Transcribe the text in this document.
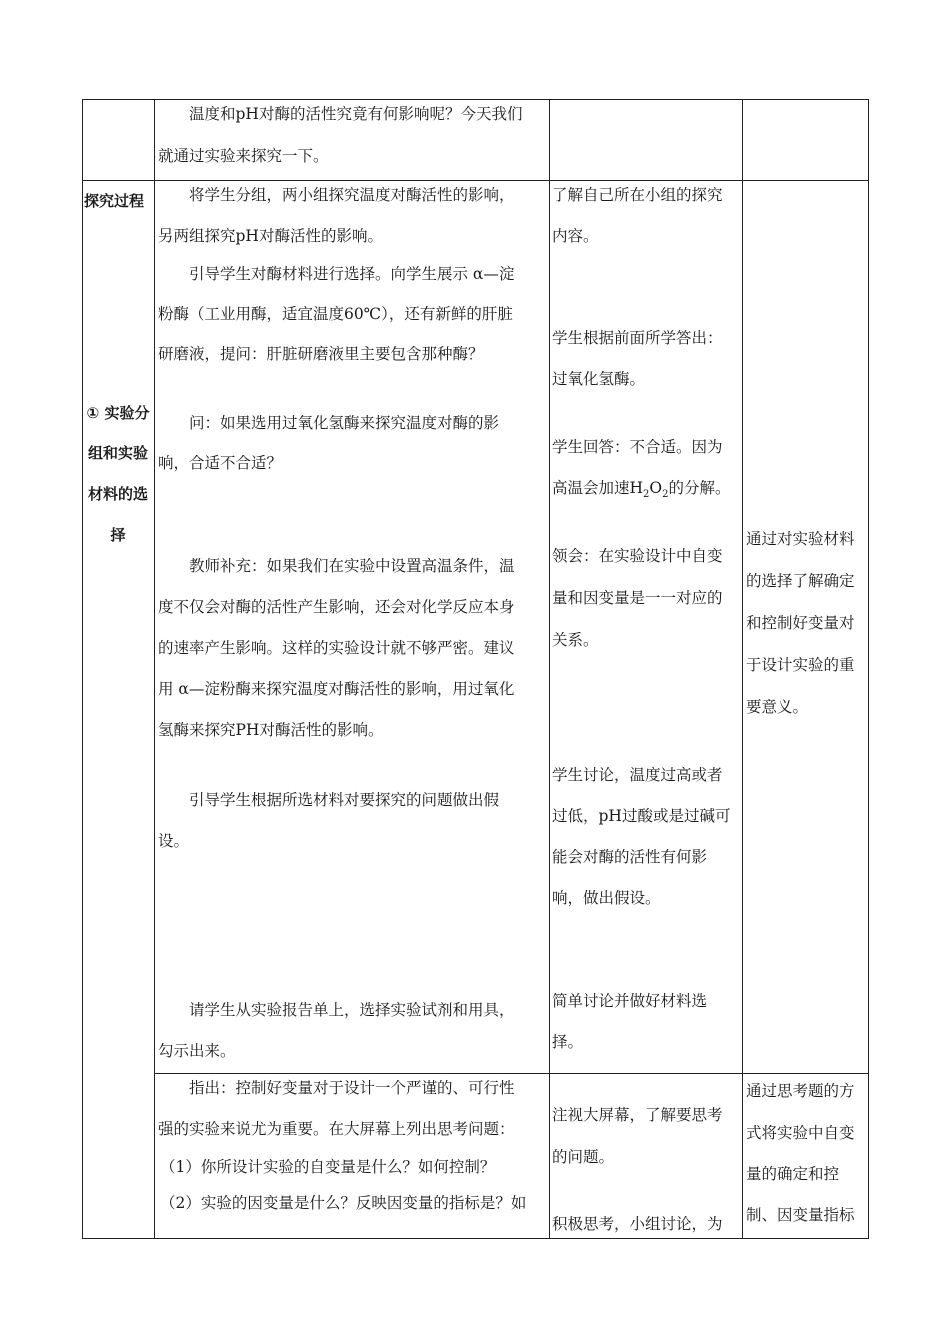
温度和pH对酶的活性究竟有何影响呢？今天我们
就通过实验来探究一下。
探究过程
① 实验分
组和实验
材料的选
择
将学生分组，两小组探究温度对酶活性的影响，
另两组探究pH对酶活性的影响。
引导学生对酶材料进行选择。向学生展示 α—淀
粉酶（工业用酶，适宜温度60℃），还有新鲜的肝脏
研磨液，提问：肝脏研磨液里主要包含那种酶？
问：如果选用过氧化氢酶来探究温度对酶的影
响，合适不合适？
教师补充：如果我们在实验中设置高温条件，温
度不仅会对酶的活性产生影响，还会对化学反应本身
的速率产生影响。这样的实验设计就不够严密。建议
用 α—淀粉酶来探究温度对酶活性的影响，用过氧化
氢酶来探究PH对酶活性的影响。
引导学生根据所选材料对要探究的问题做出假
设。
请学生从实验报告单上，选择实验试剂和用具，
勾示出来。
了解自己所在小组的探究
内容。
学生根据前面所学答出：
过氧化氢酶。
学生回答：不合适。因为
高温会加速$H_2O_2$的分解。
领会：在实验设计中自变
量和因变量是一一对应的
关系。
学生讨论，温度过高或者
过低，pH过酸或是过碱可
能会对酶的活性有何影
响，做出假设。
简单讨论并做好材料选
择。
通过对实验材料
的选择了解确定
和控制好变量对
于设计实验的重
要意义。
指出：控制好变量对于设计一个严谨的、可行性
强的实验来说尤为重要。在大屏幕上列出思考问题：
（1）你所设计实验的自变量是什么？如何控制？
（2）实验的因变量是什么？反映因变量的指标是？如
注视大屏幕，了解要思考
的问题。
积极思考，小组讨论，为
通过思考题的方
式将实验中自变
量的确定和控
制、因变量指标
